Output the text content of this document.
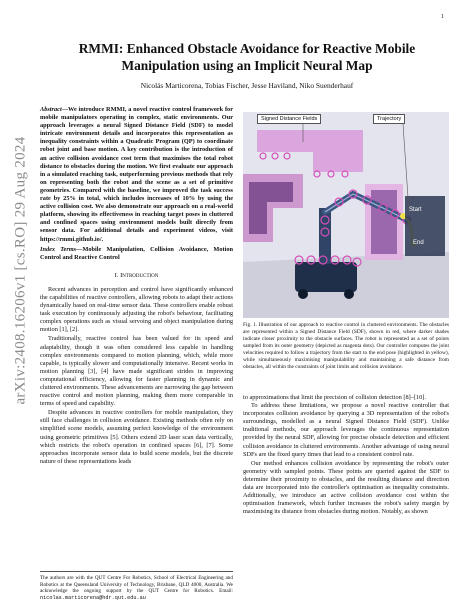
1
arXiv:2408.16206v1 [cs.RO] 29 Aug 2024
RMMI: Enhanced Obstacle Avoidance for Reactive Mobile Manipulation using an Implicit Neural Map
Nicolás Marticorena, Tobias Fischer, Jesse Haviland, Niko Suenderhauf

Abstract—We introduce RMMI, a novel reactive control framework for mobile manipulators operating in complex, static environments. Our approach leverages a neural Signed Distance Field (SDF) to model intricate environment details and incorporates this representation as inequality constraints within a Quadratic Program (QP) to coordinate robot joint and base motion. A key contribution is the introduction of an active collision avoidance cost term that maximises the total robot distance to obstacles during the motion. We first evaluate our approach in a simulated reaching task, outperforming previous methods that rely on representing both the robot and the scene as a set of primitive geometries. Compared with the baseline, we improved the task success rate by 25% in total, which includes increases of 10% by using the active collision cost. We also demonstrate our approach on a real-world platform, showing its effectiveness in reaching target poses in cluttered and confined spaces using environment models built directly from sensor data. For additional details and experiment videos, visit https://rmmi.github.io/.

Index Terms—Mobile Manipulation, Collision Avoidance, Motion Control and Reactive Control

I. Introduction

Recent advances in perception and control have significantly enhanced the capabilities of reactive controllers, allowing robots to adapt their actions dynamically based on real-time sensor data. These controllers enable robust task execution by continuously adjusting the robot's behaviour, facilitating complex operations such as visual servoing and object manipulation during motion [1], [2].

Traditionally, reactive control has been valued for its speed and adaptability, though it was often considered less capable in handling complex environments compared to motion planning, which, while more capable, is typically slower and computationally intensive. Recent works in motion planning [3], [4] have made significant strides in improving computational efficiency, allowing for faster planning in dynamic and cluttered environments. These advancements are narrowing the gap between reactive control and motion planning, making them more comparable in terms of speed and capability.

Despite advances in reactive controllers for mobile manipulation, they still face challenges in collision avoidance. Existing methods often rely on simplified scene models, assuming perfect knowledge of the environment using geometric primitives [5]. Others extend 2D laser scan data vertically, which restricts the robot's operation in confined spaces [6], [7]. Some approaches incorporate sensor data to build scene models, but the discrete nature of these representations leads

The authors are with the QUT Centre For Robotics, School of Electrical Engineering and Robotics at the Queensland University of Technology, Brisbane, QLD 4000, Australia. We acknowledge the ongoing support by the QUT Centre for Robotics. Email: nicolas.marticorena@hdr.qut.edu.au
Signed Distance Fields	Trajectory
Start
End

Fig. 1. Illustration of our approach to reactive control in cluttered environments. The obstacles are represented within a Signed Distance Field (SDF), shown in red, where darker shades indicate closer proximity to the obstacle surfaces. The robot is represented as a set of points sampled from its outer geometry (depicted as magenta dots). Our controller computes the joint velocities required to follow a trajectory from the start to the end pose (highlighted in yellow), while simultaneously maximising manipulability and maintaining a safe distance from obstacles, all within the constraints of joint limits and collision avoidance.

to approximations that limit the precision of collision detection [8]–[10].

To address these limitations, we propose a novel reactive controller that incorporates collision avoidance by querying a 3D representation of the robot's surroundings, modelled as a neural Signed Distance Field (SDF). Unlike traditional methods, our approach leverages the continuous representation provided by the neural SDF, allowing for precise obstacle detection and efficient collision avoidance in cluttered environments. Another advantage of using neural SDFs are the fixed query times that lead to a consistent control rate.

Our method enhances collision avoidance by representing the robot's outer geometry with sampled points. These points are queried against the SDF to determine their proximity to obstacles, and the resulting distance and direction data are incorporated into the controller's optimisation as inequality constraints. Additionally, we introduce an active collision avoidance cost within the optimisation framework, which further increases the robot's safety margin by maximising its distance from obstacles during motion. Notably, as shown
